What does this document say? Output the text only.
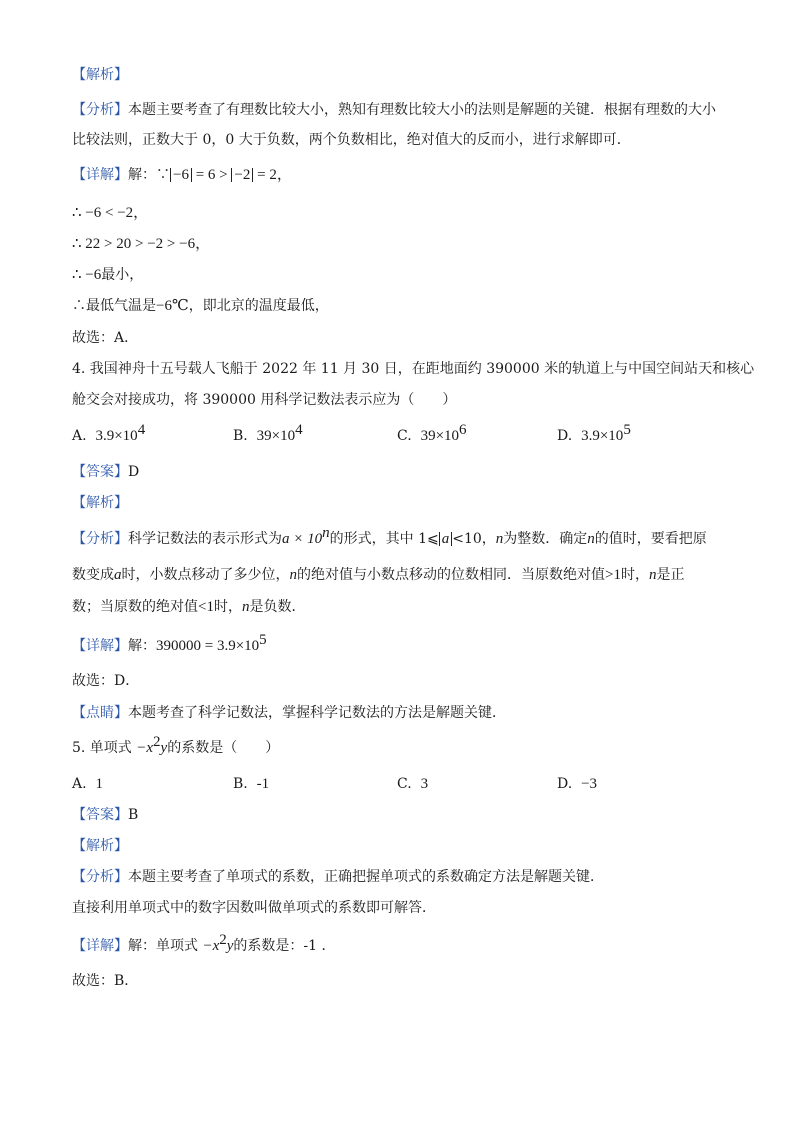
【解析】
【分析】本题主要考查了有理数比较大小，熟知有理数比较大小的法则是解题的关键．根据有理数的大小
比较法则，正数大于 0，0 大于负数，两个负数相比，绝对值大的反而小，进行求解即可．
【详解】解：∵ −6 = 6 > −2 = 2，
∴ −6 < −2，
∴ 22 > 20 > −2 > −6，
∴ −6最小，
∴最低气温是−6℃，即北京的温度最低，
故选：A．
4. 我国神舟十五号载人飞船于 2022 年 11 月 30 日，在距地面约 390000 米的轨道上与中国空间站天和核心
舱交会对接成功，将 390000 用科学记数法表示应为（　　）
A. $3.9\times 10^4$	B. $39\times 10^4$	C. $39\times 10^6$	D. $3.9\times 10^5$
【答案】D
【解析】
【分析】科学记数法的表示形式为$a \times 10^n$的形式，其中 1⩽ a <10，n为整数．确定n的值时，要看把原
数变成a时，小数点移动了多少位，n的绝对值与小数点移动的位数相同．当原数绝对值>1时，n是正
数；当原数的绝对值<1时，n是负数．
【详解】解：$390000 = 3.9\times 10^5$
故选：D．
【点睛】本题考查了科学记数法，掌握科学记数法的方法是解题关键．
5. 单项式 $-x^2y$的系数是（　　）
A. 1	B. -1	C. 3	D. −3
【答案】B
【解析】
【分析】本题主要考查了单项式的系数，正确把握单项式的系数确定方法是解题关键．
直接利用单项式中的数字因数叫做单项式的系数即可解答．
【详解】解：单项式 $-x^2y$的系数是：-1 ．
故选：B．
